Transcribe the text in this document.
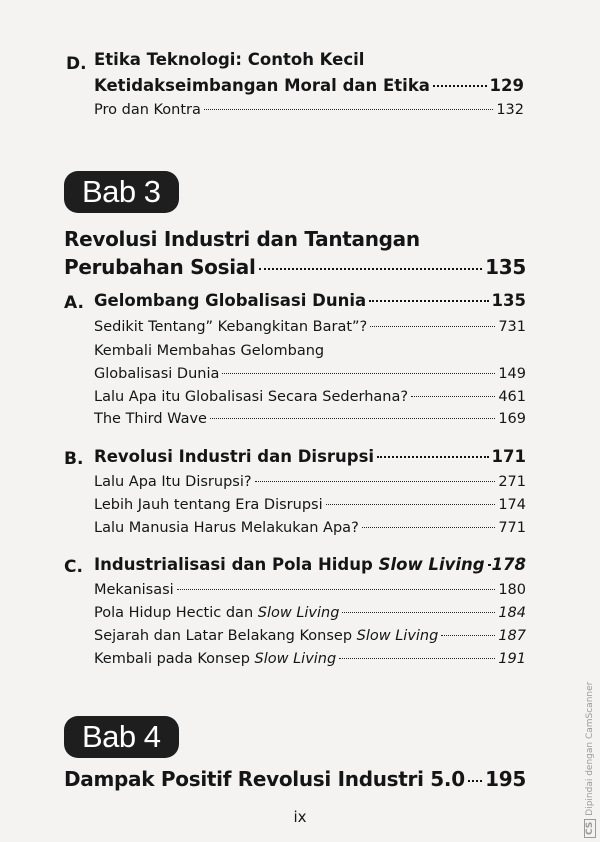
D. Etika Teknologi: Contoh Kecil
Ketidakseimbangan Moral dan Etika	129
Pro dan Kontra	132
Bab 3
Revolusi Industri dan Tantangan
Perubahan Sosial	135
A. Gelombang Globalisasi Dunia	135
Sedikit Tentang” Kebangkitan Barat”?	731
Kembali Membahas Gelombang
Globalisasi Dunia	149
Lalu Apa itu Globalisasi Secara Sederhana?	461
The Third Wave	169
B. Revolusi Industri dan Disrupsi	171
Lalu Apa Itu Disrupsi?	271
Lebih Jauh tentang Era Disrupsi	174
Lalu Manusia Harus Melakukan Apa?	771
C. Industrialisasi dan Pola Hidup
Slow Living 178
Mekanisasi	180
Pola Hidup Hectic dan
Slow Living	184
Sejarah dan Latar Belakang Konsep
Slow Living	187
Kembali pada Konsep
Slow Living	191
Bab 4
Dampak Positif Revolusi Industri 5.0 195
ix
CSDipindai dengan CamScanner
